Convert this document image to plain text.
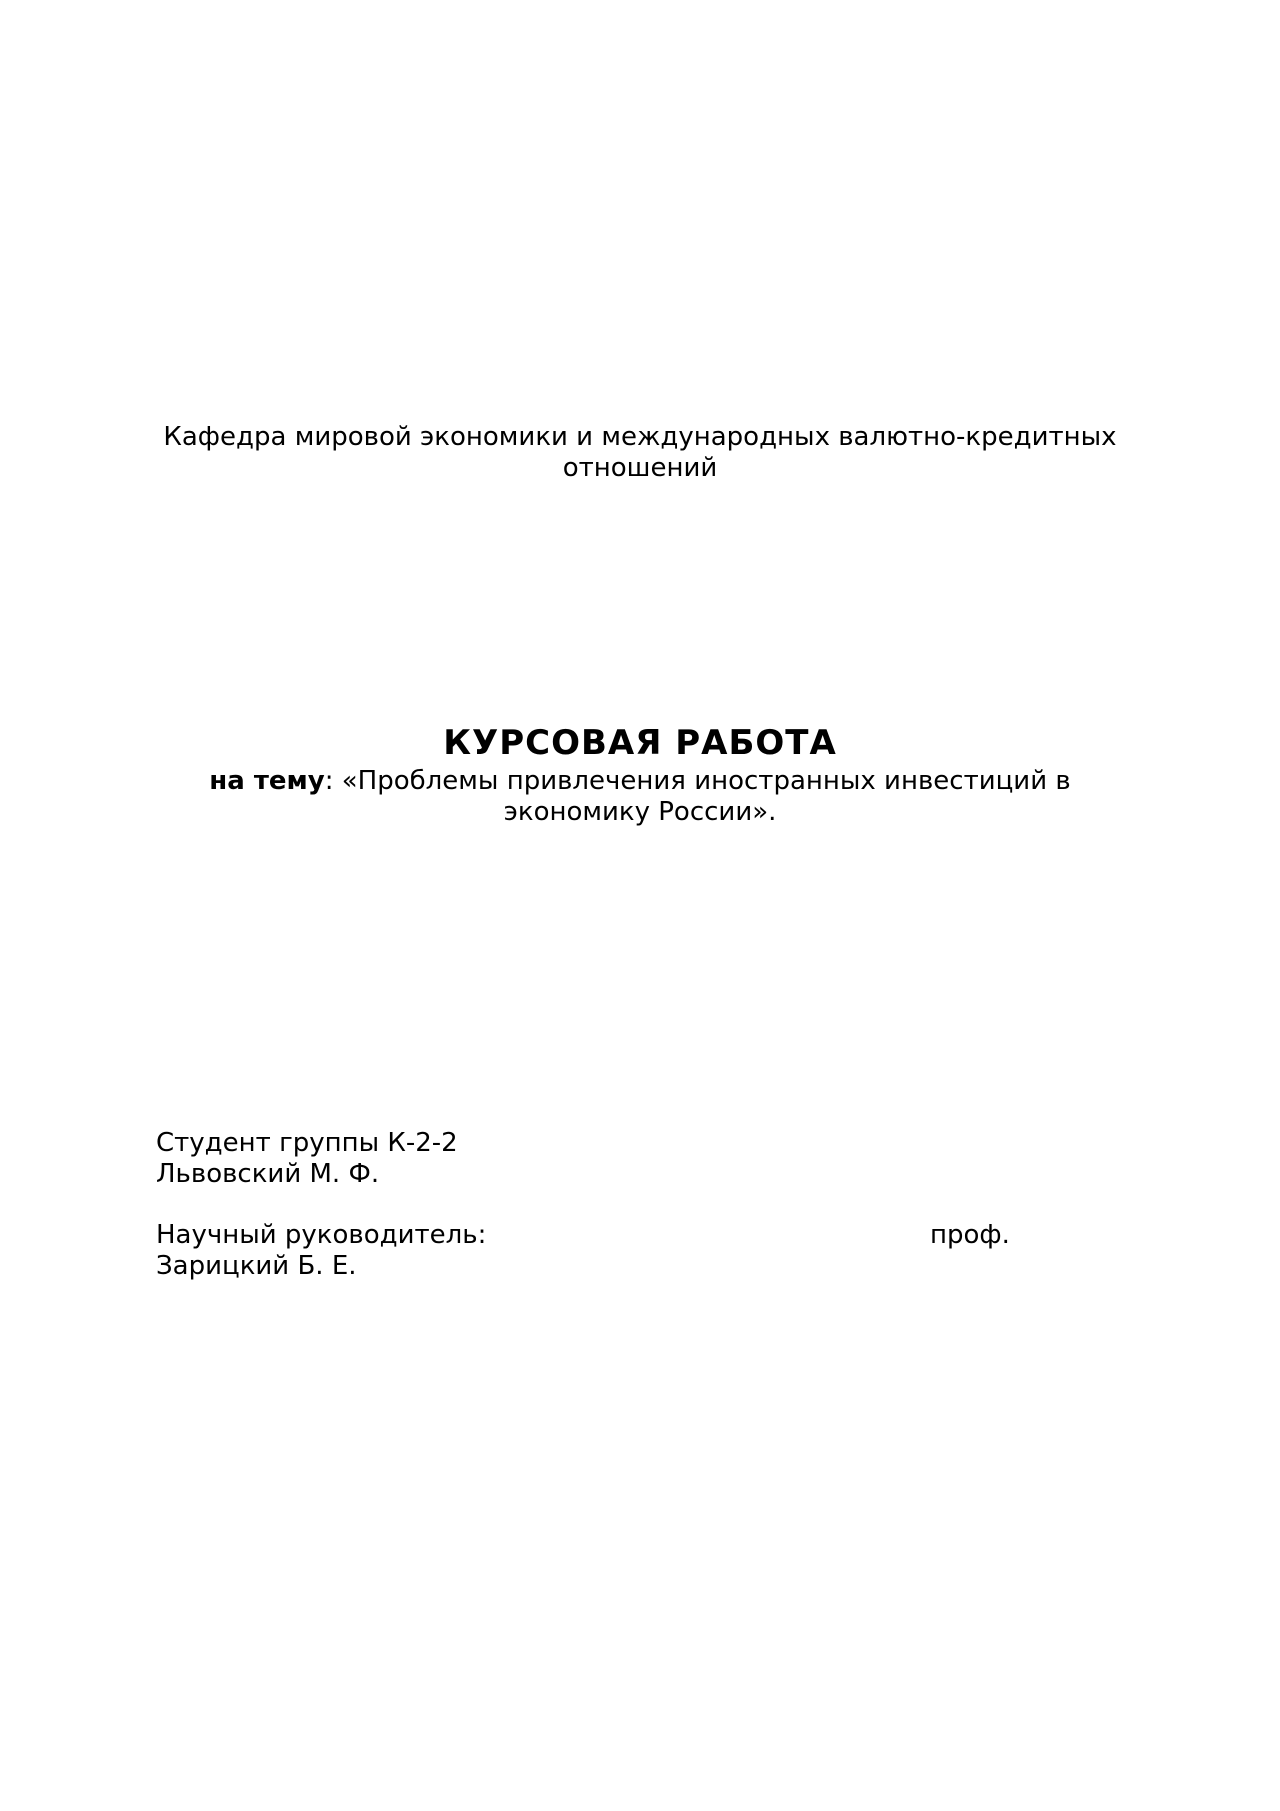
Кафедра мировой экономики и международных валютно-кредитных
отношений
КУРСОВАЯ РАБОТА
на тему: «Проблемы привлечения иностранных инвестиций в
экономику России».
Студент группы К-2-2
Львовский М. Ф.
Научный руководитель:	проф.
Зарицкий Б. Е.
